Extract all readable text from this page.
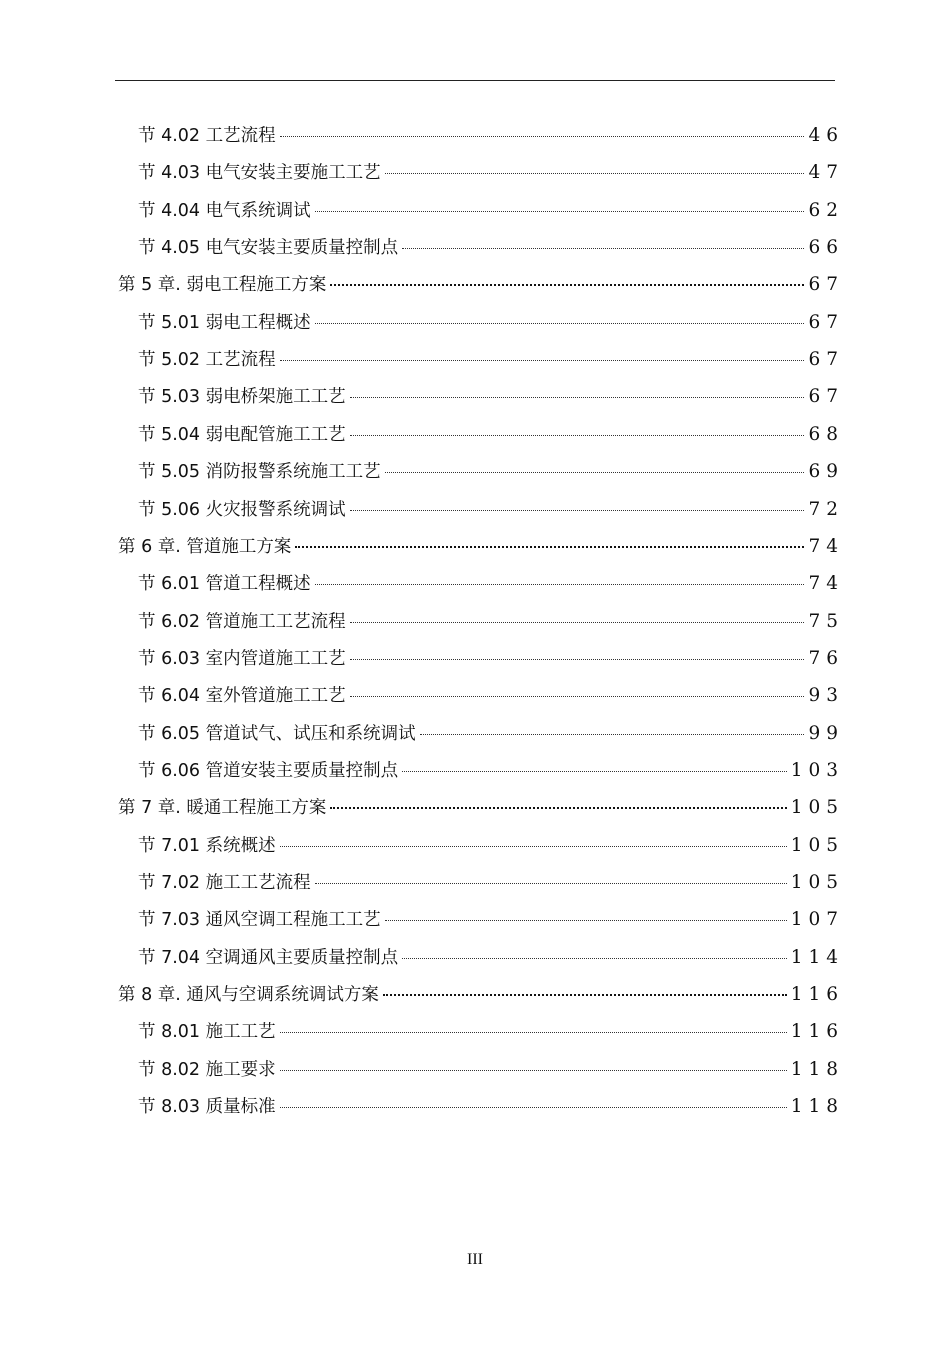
节 4.02 工艺流程	46
节 4.03 电气安装主要施工工艺	47
节 4.04 电气系统调试	62
节 4.05 电气安装主要质量控制点	66
第 5 章. 弱电工程施工方案	67
节 5.01 弱电工程概述	67
节 5.02 工艺流程	67
节 5.03 弱电桥架施工工艺	67
节 5.04 弱电配管施工工艺	68
节 5.05 消防报警系统施工工艺	69
节 5.06 火灾报警系统调试	72
第 6 章. 管道施工方案	74
节 6.01 管道工程概述	74
节 6.02 管道施工工艺流程	75
节 6.03 室内管道施工工艺	76
节 6.04 室外管道施工工艺	93
节 6.05 管道试气、试压和系统调试	99
节 6.06 管道安装主要质量控制点	103
第 7 章. 暖通工程施工方案	105
节 7.01 系统概述	105
节 7.02 施工工艺流程	105
节 7.03 通风空调工程施工工艺	107
节 7.04 空调通风主要质量控制点	114
第 8 章. 通风与空调系统调试方案	116
节 8.01 施工工艺	116
节 8.02 施工要求	118
节 8.03 质量标准	118
III
